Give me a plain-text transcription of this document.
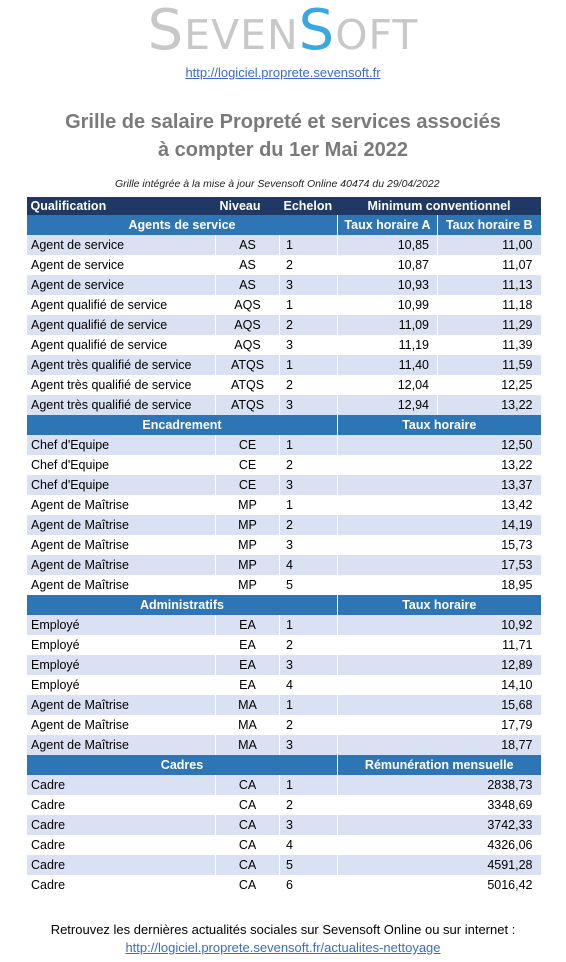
SEVENSOFT
http://logiciel.proprete.sevensoft.fr
Grille de salaire Propreté et services associés
à compter du 1er Mai 2022
Grille intégrée à la mise à jour Sevensoft Online 40474 du 29/04/2022
Qualification	Niveau	Echelon	Minimum conventionnel	
Agents de service			Taux horaire A	Taux horaire B
Agent de service	AS	1	10,85	11,00
Agent de service	AS	2	10,87	11,07
Agent de service	AS	3	10,93	11,13
Agent qualifié de service	AQS	1	10,99	11,18
Agent qualifié de service	AQS	2	11,09	11,29
Agent qualifié de service	AQS	3	11,19	11,39
Agent très qualifié de service	ATQS	1	11,40	11,59
Agent très qualifié de service	ATQS	2	12,04	12,25
Agent très qualifié de service	ATQS	3	12,94	13,22
Encadrement			Taux horaire	
Chef d'Equipe	CE	1	12,50	
Chef d'Equipe	CE	2	13,22	
Chef d'Equipe	CE	3	13,37	
Agent de Maîtrise	MP	1	13,42	
Agent de Maîtrise	MP	2	14,19	
Agent de Maîtrise	MP	3	15,73	
Agent de Maîtrise	MP	4	17,53	
Agent de Maîtrise	MP	5	18,95	
Administratifs			Taux horaire	
Employé	EA	1	10,92	
Employé	EA	2	11,71	
Employé	EA	3	12,89	
Employé	EA	4	14,10	
Agent de Maîtrise	MA	1	15,68	
Agent de Maîtrise	MA	2	17,79	
Agent de Maîtrise	MA	3	18,77	
Cadres			Rémunération mensuelle	
Cadre	CA	1	2838,73	
Cadre	CA	2	3348,69	
Cadre	CA	3	3742,33	
Cadre	CA	4	4326,06	
Cadre	CA	5	4591,28	
Cadre	CA	6	5016,42	
Retrouvez les dernières actualités sociales sur Sevensoft Online ou sur internet :
http://logiciel.proprete.sevensoft.fr/actualites-nettoyage
